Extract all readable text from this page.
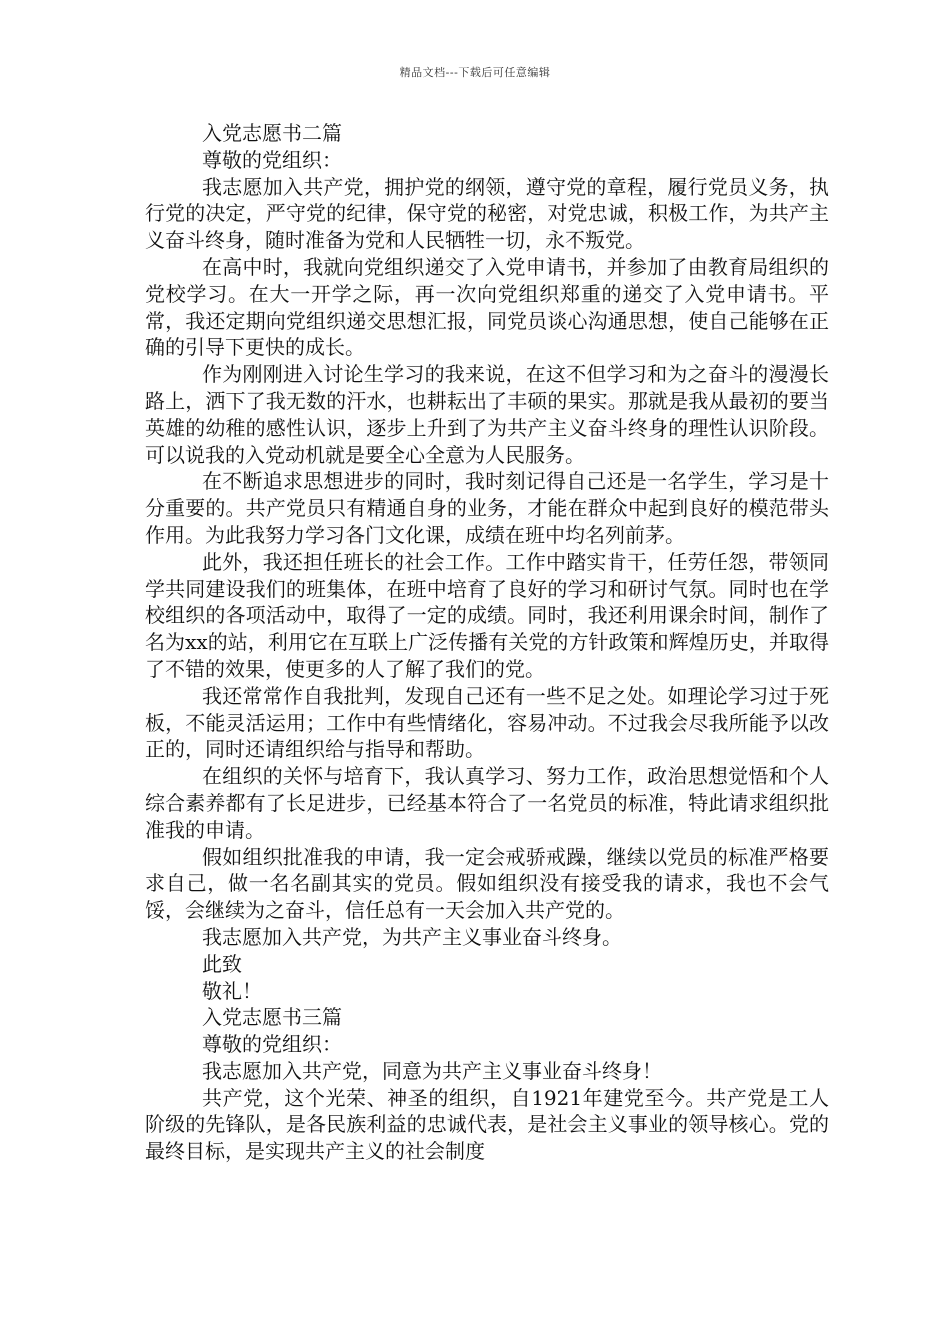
精品文档---下载后可任意编辑

入党志愿书二篇

尊敬的党组织：

我志愿加入共产党，拥护党的纲领，遵守党的章程，履行党员义务，执行党的决定，严守党的纪律，保守党的秘密，对党忠诚，积极工作，为共产主义奋斗终身，随时准备为党和人民牺牲一切，永不叛党。

在高中时，我就向党组织递交了入党申请书，并参加了由教育局组织的党校学习。在大一开学之际，再一次向党组织郑重的递交了入党申请书。平常，我还定期向党组织递交思想汇报，同党员谈心沟通思想，使自己能够在正确的引导下更快的成长。

作为刚刚进入讨论生学习的我来说，在这不但学习和为之奋斗的漫漫长路上，洒下了我无数的汗水，也耕耘出了丰硕的果实。那就是我从最初的要当英雄的幼稚的感性认识，逐步上升到了为共产主义奋斗终身的理性认识阶段。可以说我的入党动机就是要全心全意为人民服务。

在不断追求思想进步的同时，我时刻记得自己还是一名学生，学习是十分重要的。共产党员只有精通自身的业务，才能在群众中起到良好的模范带头作用。为此我努力学习各门文化课，成绩在班中均名列前茅。

此外，我还担任班长的社会工作。工作中踏实肯干，任劳任怨，带领同学共同建设我们的班集体，在班中培育了良好的学习和研讨气氛。同时也在学校组织的各项活动中，取得了一定的成绩。同时，我还利用课余时间，制作了名为xx的站，利用它在互联上广泛传播有关党的方针政策和辉煌历史，并取得了不错的效果，使更多的人了解了我们的党。

我还常常作自我批判，发现自己还有一些不足之处。如理论学习过于死板，不能灵活运用；工作中有些情绪化，容易冲动。不过我会尽我所能予以改正的，同时还请组织给与指导和帮助。

在组织的关怀与培育下，我认真学习、努力工作，政治思想觉悟和个人综合素养都有了长足进步，已经基本符合了一名党员的标准，特此请求组织批准我的申请。

假如组织批准我的申请，我一定会戒骄戒躁，继续以党员的标准严格要求自己，做一名名副其实的党员。假如组织没有接受我的请求，我也不会气馁，会继续为之奋斗，信任总有一天会加入共产党的。

我志愿加入共产党，为共产主义事业奋斗终身。

此致

敬礼！

入党志愿书三篇

尊敬的党组织：

我志愿加入共产党，同意为共产主义事业奋斗终身！

共产党，这个光荣、神圣的组织，自1921年建党至今。共产党是工人阶级的先锋队，是各民族利益的忠诚代表，是社会主义事业的领导核心。党的最终目标，是实现共产主义的社会制度
